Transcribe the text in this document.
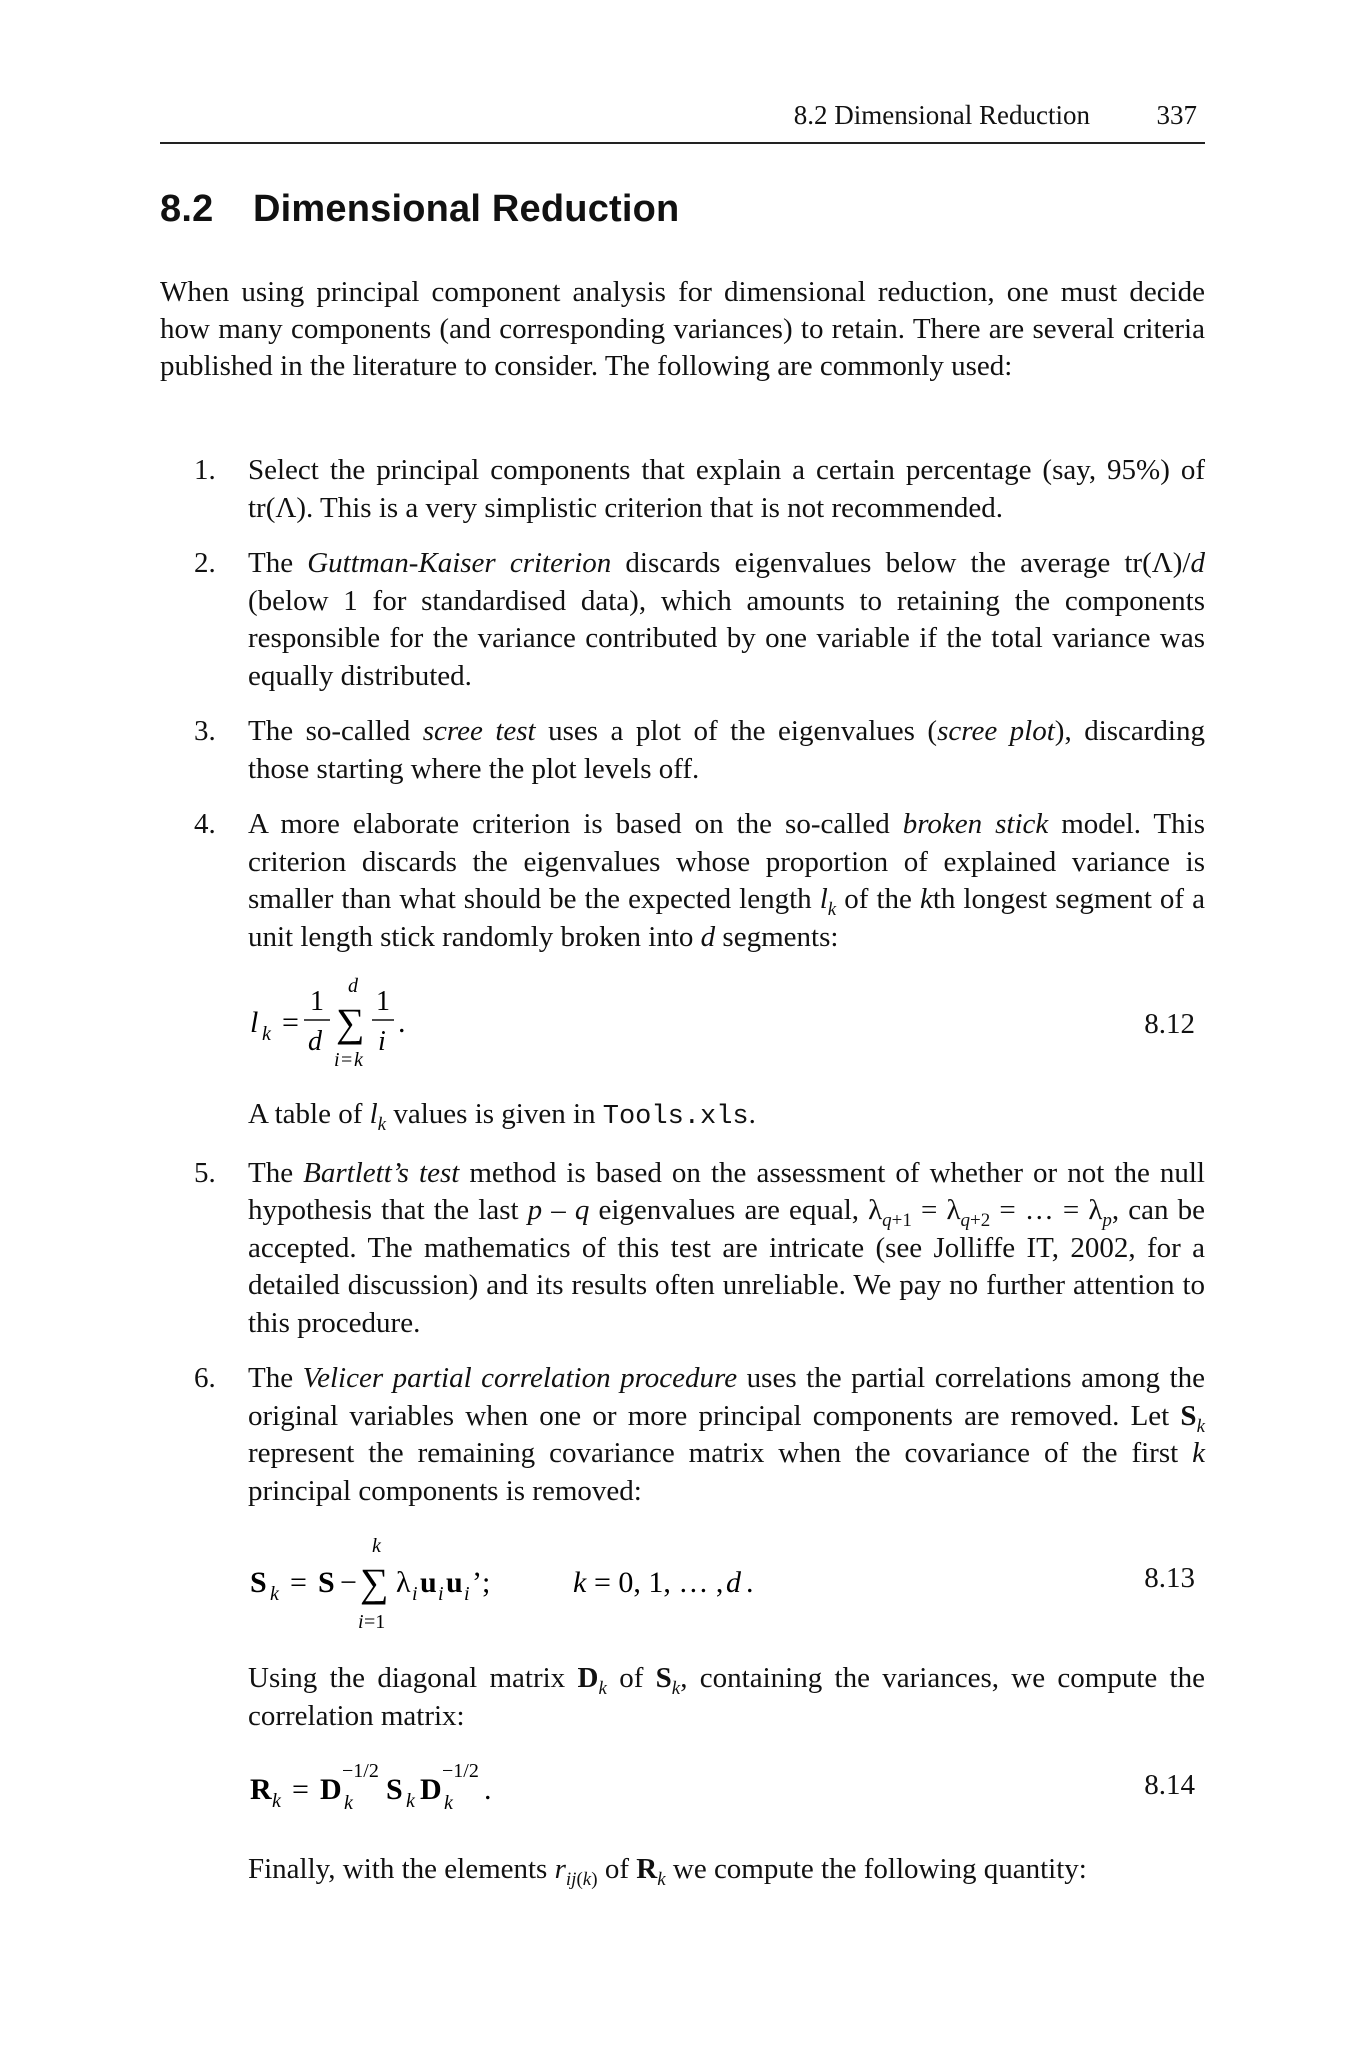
8.2 Dimensional Reduction 337
8.2 Dimensional Reduction

When using principal component analysis for dimensional reduction, one must decide how many components (and corresponding variances) to retain. There are several criteria published in the literature to consider. The following are commonly used:

1. Select the principal components that explain a certain percentage (say, 95%) of tr(Λ). This is a very simplistic criterion that is not recommended.
2. The Guttman-Kaiser criterion discards eigenvalues below the average tr(Λ)/d (below 1 for standardised data), which amounts to retaining the components responsible for the variance contributed by one variable if the total variance was equally distributed.
3. The so-called scree test uses a plot of the eigenvalues (scree plot), discarding those starting where the plot levels off.
4. A more elaborate criterion is based on the so-called broken stick model. This criterion discards the eigenvalues whose proportion of explained variance is smaller than what should be the expected length $l_k$ of the kth longest segment of a unit length stick randomly broken into d segments:
l k =
1
d
d
∑
i = k
1
i
.	8.12
A table of $l_k$ values is given in Tools.xls.
5. The Bartlett’s test method is based on the assessment of whether or not the null hypothesis that the last p – q eigenvalues are equal, $\lambda_{q+1} = \lambda_{q+2}$ = … = $\lambda_p$, can be accepted. The mathematics of this test are intricate (see Jolliffe IT, 2002, for a detailed discussion) and its results often unreliable. We pay no further attention to this procedure.
6. The Velicer partial correlation procedure uses the partial correlations among the original variables when one or more principal components are removed. Let $S_k$ represent the remaining covariance matrix when the covariance of the first k principal components is removed:
S k = S −
k
∑
i =1
λ i u i u i ’;	k = 0, 1, … , d .	8.13
Using the diagonal matrix $D_k$ of $S_k$, containing the variances, we compute the correlation matrix:
R k = D
−1/2
k S k D
−1/2
k .	8.14
Finally, with the elements $r_{ij(k)}$ of $R_k$ we compute the following quantity:
